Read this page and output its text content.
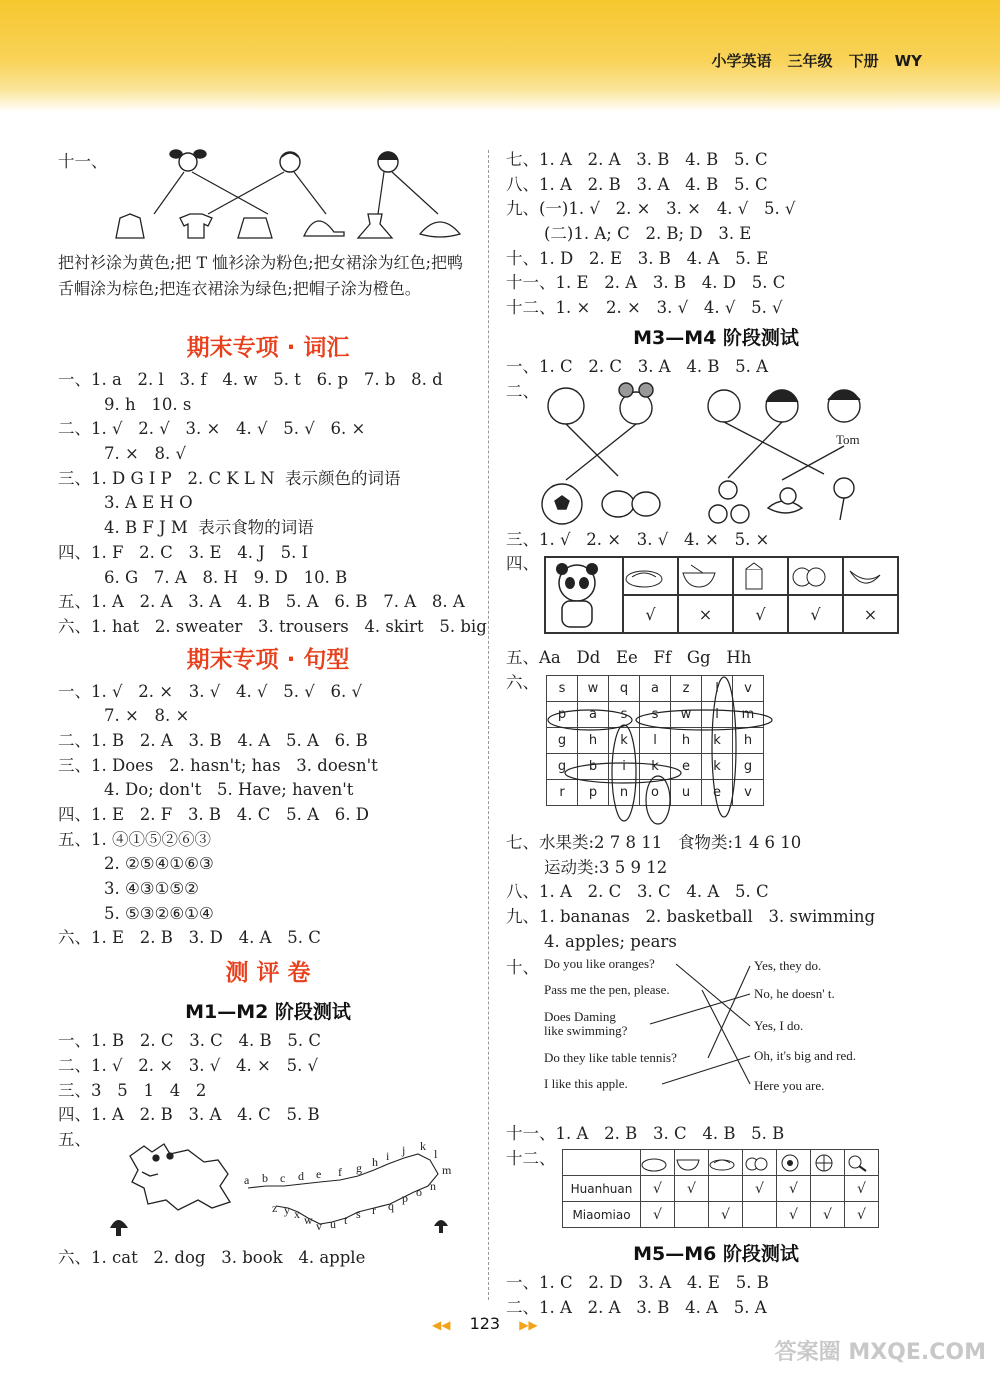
小学英语 三年级 下册 WY
十一、
把衬衫涂为黄色;把 T 恤衫涂为粉色;把女裙涂为红色;把鸭舌帽涂为棕色;把连衣裙涂为绿色;把帽子涂为橙色。
期末专项 · 词汇
一、1. a   2. l   3. f   4. w   5. t   6. p   7. b   8. d
9. h   10. s
二、1. √   2. √   3. ×   4. √   5. √   6. ×
7. ×   8. √
三、1. D G I P   2. C K L N  表示颜色的词语
3. A E H O
4. B F J M  表示食物的词语
四、1. F   2. C   3. E   4. J   5. I
6. G   7. A   8. H   9. D   10. B
五、1. A   2. A   3. A   4. B   5. A   6. B   7. A   8. A
六、1. hat   2. sweater   3. trousers   4. skirt   5. big
期末专项 · 句型
一、1. √   2. ×   3. √   4. √   5. √   6. √
7. ×   8. ×
二、1. B   2. A   3. B   4. A   5. A   6. B
三、1. Does   2. hasn't; has   3. doesn't
4. Do; don't   5. Have; haven't
四、1. E   2. F   3. B   4. C   5. A   6. D
五、1. ④①⑤②⑥③
2. ②⑤④①⑥③
3. ④③①⑤②
5. ⑤③②⑥①④
六、1. E   2. B   3. D   4. A   5. C
测 评 卷
M1—M2 阶段测试
一、1. B   2. C   3. C   4. B   5. C
二、1. √   2. ×   3. √   4. ×   5. √
三、3   5   1   4   2
四、1. A   2. B   3. A   4. C   5. B
五、
a b c d e f g h i j k
l
m
n
o
p
q
r
s
t
u
v
w
x
y
z
六、1. cat   2. dog   3. book   4. apple
七、1. A   2. A   3. B   4. B   5. C
八、1. A   2. B   3. A   4. B   5. C
九、(一)1. √   2. ×   3. ×   4. √   5. √
(二)1. A; C   2. B; D   3. E
十、1. D   2. E   3. B   4. A   5. E
十一、1. E   2. A   3. B   4. D   5. C
十二、1. ×   2. ×   3. √   4. √   5. √
M3—M4 阶段测试
一、1. C   2. C   3. A   4. B   5. A
二、
Tom
三、1. √   2. ×   3. √   4. ×   5. ×
四、

	√	×	√	√	×
五、Aa   Dd   Ee   Ff   Gg   Hh
六、 s	w	q	a	z	l	v
p	a	s	s	w	i	m
g	h	k	l	h	k	h
g	b	i	k	e	k	g
r	p	n	o	u	e	v
七、水果类:2 7 8 11   食物类:1 4 6 10
运动类:3 5 9 12
八、1. A   2. C   3. C   4. A   5. C
九、1. bananas   2. basketball   3. swimming
4. apples; pears
十、 Do you like oranges?
Pass me the pen, please.
Does Daming
like swimming?
Do they like table tennis?
I like this apple.
Yes, they do.
No, he doesn' t.
Yes, I do.
Oh, it's big and red.
Here you are.
十一、1. A   2. B   3. C   4. B   5. B
十二、

Huanhuan	√	√		√	√		√
Miaomiao	√		√		√	√	√
M5—M6 阶段测试
一、1. C   2. D   3. A   4. E   5. B
二、1. A   2. A   3. B   4. A   5. A
◀◀ 123 ▶▶
答案圈 MXQE.COM
